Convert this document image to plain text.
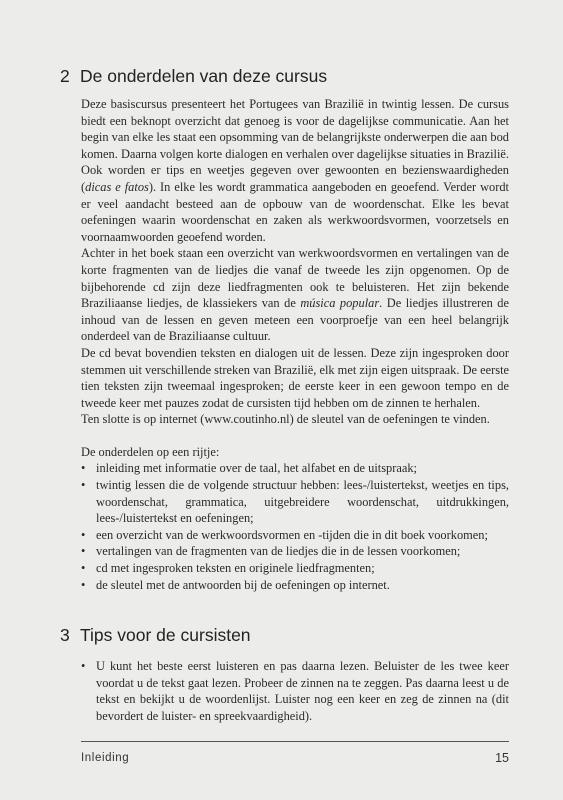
2 De onderdelen van deze cursus

Deze basiscursus presenteert het Portugees van Brazilië in twintig lessen. De cursus biedt een beknopt overzicht dat genoeg is voor de dagelijkse communicatie. Aan het begin van elke les staat een opsomming van de belangrijkste onderwerpen die aan bod komen. Daarna volgen korte dialogen en verhalen over dagelijkse situaties in Brazilië. Ook worden er tips en weetjes gegeven over gewoonten en bezienswaardigheden (dicas e fatos). In elke les wordt grammatica aangeboden en geoefend. Verder wordt er veel aandacht besteed aan de opbouw van de woordenschat. Elke les bevat oefeningen waarin woordenschat en zaken als werkwoordsvormen, voorzetsels en voornaamwoorden geoefend worden.

Achter in het boek staan een overzicht van werkwoordsvormen en vertalingen van de korte fragmenten van de liedjes die vanaf de tweede les zijn opgenomen. Op de bijbehorende cd zijn deze liedfragmenten ook te beluisteren. Het zijn bekende Braziliaanse liedjes, de klassiekers van de música popular. De liedjes illustreren de inhoud van de lessen en geven meteen een voorproefje van een heel belangrijk onderdeel van de Braziliaanse cultuur.

De cd bevat bovendien teksten en dialogen uit de lessen. Deze zijn ingesproken door stemmen uit verschillende streken van Brazilië, elk met zijn eigen uitspraak. De eerste tien teksten zijn tweemaal ingesproken; de eerste keer in een gewoon tempo en de tweede keer met pauzes zodat de cursisten tijd hebben om de zinnen te herhalen.

Ten slotte is op internet (www.coutinho.nl) de sleutel van de oefeningen te vinden.

De onderdelen op een rijtje:

• inleiding met informatie over de taal, het alfabet en de uitspraak;
• twintig lessen die de volgende structuur hebben: lees-/luistertekst, weetjes en tips, woordenschat, grammatica, uitgebreidere woordenschat, uitdrukkingen, lees-/luistertekst en oefeningen;
• een overzicht van de werkwoordsvormen en -tijden die in dit boek voorkomen;
• vertalingen van de fragmenten van de liedjes die in de lessen voorkomen;
• cd met ingesproken teksten en originele liedfragmenten;
• de sleutel met de antwoorden bij de oefeningen op internet.
3 Tips voor de cursisten
• U kunt het beste eerst luisteren en pas daarna lezen. Beluister de les twee keer voordat u de tekst gaat lezen. Probeer de zinnen na te zeggen. Pas daarna leest u de tekst en bekijkt u de woordenlijst. Luister nog een keer en zeg de zinnen na (dit bevordert de luister- en spreekvaardigheid).
Inleiding	15
